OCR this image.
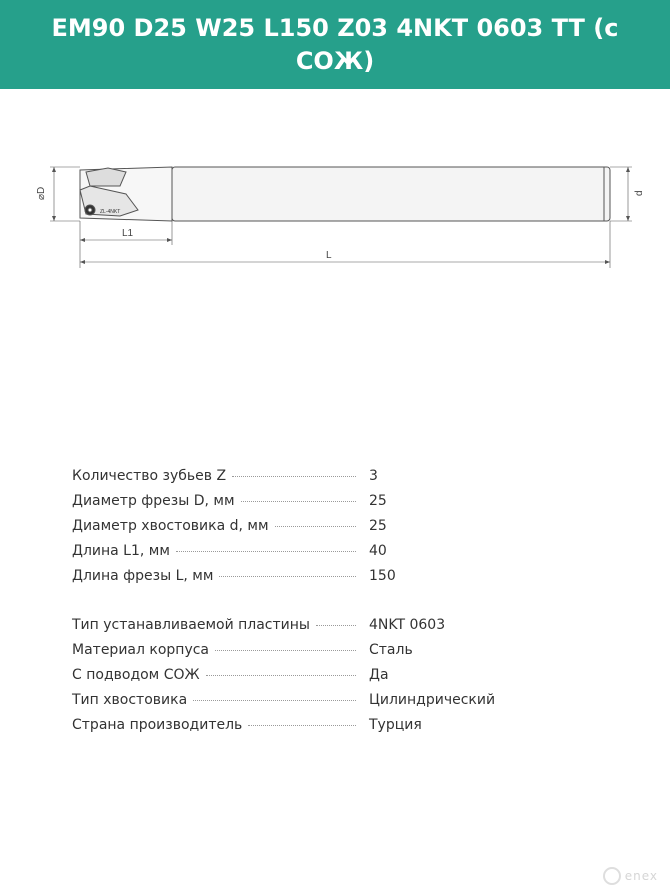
EM90 D25 W25 L150 Z03 4NKT 0603 TT (с СОЖ)
⌀D	d
L1
L
ZL-4NKT
Количество зубьев Z	3
Диаметр фрезы D, мм	25
Диаметр хвостовика d, мм	25
Длина L1, мм	40
Длина фрезы L, мм	150
Тип устанавливаемой пластины	4NKT 0603
Материал корпуса	Сталь
С подводом СОЖ	Да
Тип хвостовика	Цилиндрический
Страна производитель	Турция
enex
